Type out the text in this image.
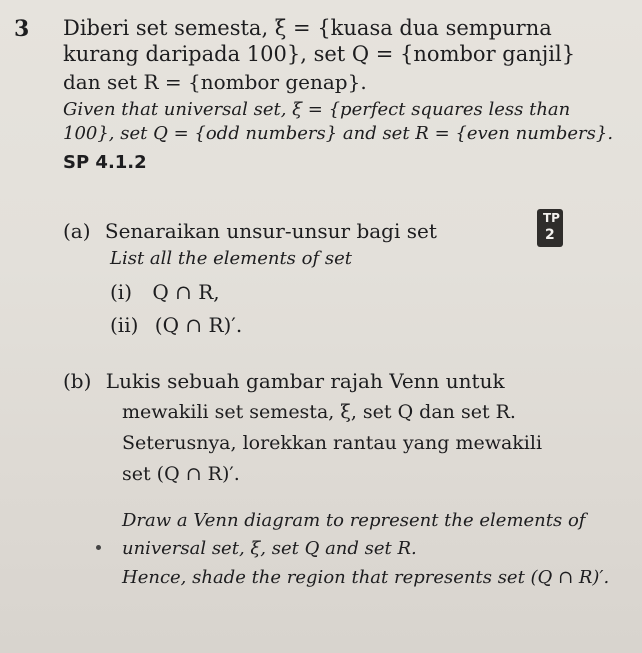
3 Diberi set semesta, ξ = {kuasa dua sempurna
kurang daripada 100}, set Q = {nombor ganjil}
dan set R = {nombor genap}.
Given that universal set, ξ = {perfect squares less than
100}, set Q = {odd numbers} and set R = {even numbers}.
SP 4.1.2
TP
2
(a) Senaraikan unsur-unsur bagi set
List all the elements of set
(i) Q ∩ R,
(ii) (Q ∩ R)′.
(b) Lukis sebuah gambar rajah Venn untuk
mewakili set semesta, ξ, set Q dan set R.
Seterusnya, lorekkan rantau yang mewakili
set (Q ∩ R)′.
Draw a Venn diagram to represent the elements of
universal set, ξ, set Q and set R.
Hence, shade the region that represents set (Q ∩ R)′.
